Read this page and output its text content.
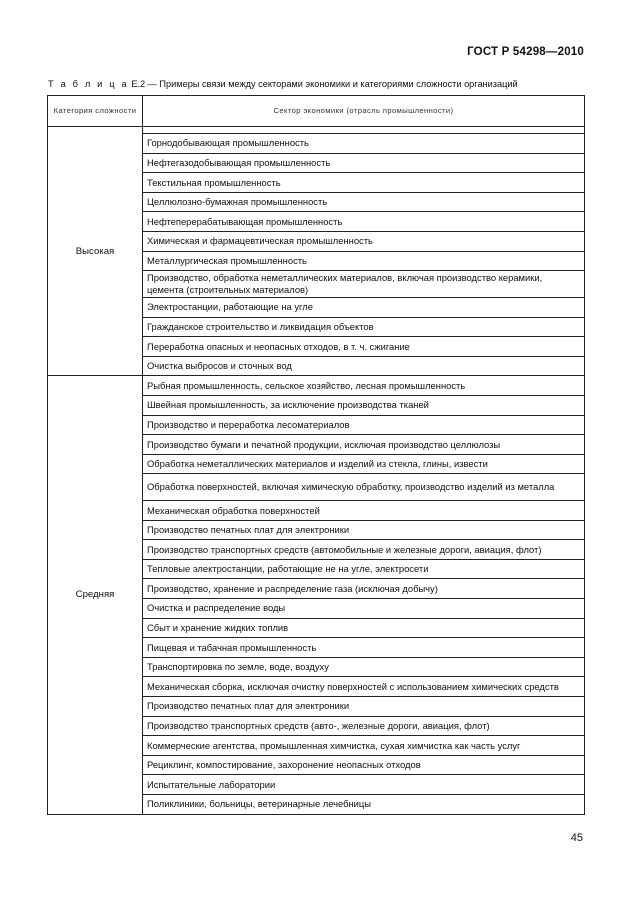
ГОСТ Р 54298—2010
Т а б л и ц а Е.2 — Примеры связи между секторами экономики и категориями сложности организаций
Категория сложности	Сектор экономики (отрасль промышленности)
Высокая	
	Горнодобывающая промышленность
	Нефтегазодобывающая промышленность
	Текстильная промышленность
	Целлюлозно-бумажная промышленность
	Нефтеперерабатывающая промышленность
	Химическая и фармацевтическая промышленность
	Металлургическая промышленность
	Производство, обработка неметаллических материалов, включая производство керамики, цемента (строительных материалов)
	Электростанции, работающие на угле
	Гражданское строительство и ликвидация объектов
	Переработка опасных и неопасных отходов, в т. ч. сжигание
	Очистка выбросов и сточных вод
Средняя	Рыбная промышленность, сельское хозяйство, лесная промышленность
	Швейная промышленность, за исключение производства тканей
	Производство и переработка лесоматериалов
	Производство бумаги и печатной продукции, исключая производство целлюлозы
	Обработка неметаллических материалов и изделий из стекла, глины, извести
	Обработка поверхностей, включая химическую обработку, производство изделий из металла
	Механическая обработка поверхностей
	Производство печатных плат для электроники
	Производство транспортных средств (автомобильные и железные дороги, авиация, флот)
	Тепловые электростанции, работающие не на угле, электросети
	Производство, хранение и распределение газа (исключая добычу)
	Очистка и распределение воды
	Сбыт и хранение жидких топлив
	Пищевая и табачная промышленность
	Транспортировка по земле, воде, воздуху
	Механическая сборка, исключая очистку поверхностей с использованием химических средств
	Производство печатных плат для электроники
	Производство транспортных средств (авто-, железные дороги, авиация, флот)
	Коммерческие агентства, промышленная химчистка, сухая химчистка как часть услуг
	Рециклинг, компостирование, захоронение неопасных отходов
	Испытательные лаборатории
	Поликлиники, больницы, ветеринарные лечебницы
45
